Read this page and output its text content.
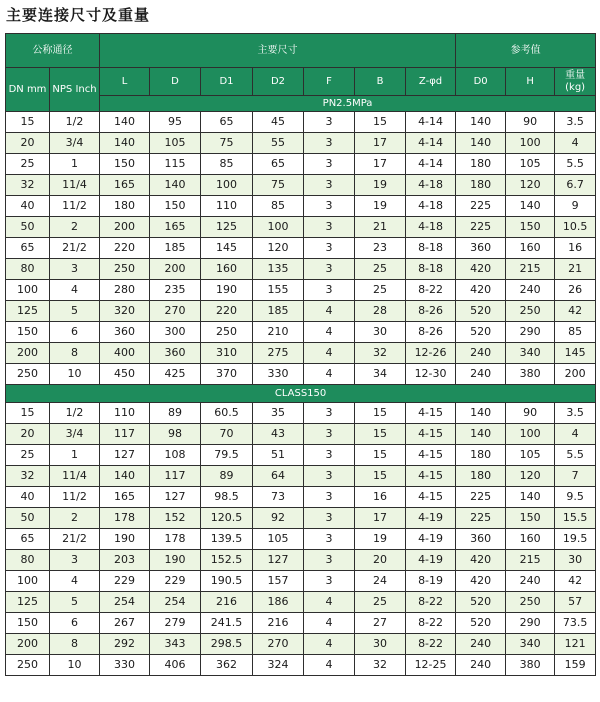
主要连接尺寸及重量
公称通径		主要尺寸							参考值		
DN mm	NPS Inch	L	D	D1	D2	F	B	Z-φd	D0	H	重量 (kg)
		PN2.5MPa									
15	1/2	140	95	65	45	3	15	4-14	140	90	3.5
20	3/4	140	105	75	55	3	17	4-14	140	100	4
25	1	150	115	85	65	3	17	4-14	180	105	5.5
32	11/4	165	140	100	75	3	19	4-18	180	120	6.7
40	11/2	180	150	110	85	3	19	4-18	225	140	9
50	2	200	165	125	100	3	21	4-18	225	150	10.5
65	21/2	220	185	145	120	3	23	8-18	360	160	16
80	3	250	200	160	135	3	25	8-18	420	215	21
100	4	280	235	190	155	3	25	8-22	420	240	26
125	5	320	270	220	185	4	28	8-26	520	250	42
150	6	360	300	250	210	4	30	8-26	520	290	85
200	8	400	360	310	275	4	32	12-26	240	340	145
250	10	450	425	370	330	4	34	12-30	240	380	200
CLASS150											
15	1/2	110	89	60.5	35	3	15	4-15	140	90	3.5
20	3/4	117	98	70	43	3	15	4-15	140	100	4
25	1	127	108	79.5	51	3	15	4-15	180	105	5.5
32	11/4	140	117	89	64	3	15	4-15	180	120	7
40	11/2	165	127	98.5	73	3	16	4-15	225	140	9.5
50	2	178	152	120.5	92	3	17	4-19	225	150	15.5
65	21/2	190	178	139.5	105	3	19	4-19	360	160	19.5
80	3	203	190	152.5	127	3	20	4-19	420	215	30
100	4	229	229	190.5	157	3	24	8-19	420	240	42
125	5	254	254	216	186	4	25	8-22	520	250	57
150	6	267	279	241.5	216	4	27	8-22	520	290	73.5
200	8	292	343	298.5	270	4	30	8-22	240	340	121
250	10	330	406	362	324	4	32	12-25	240	380	159
